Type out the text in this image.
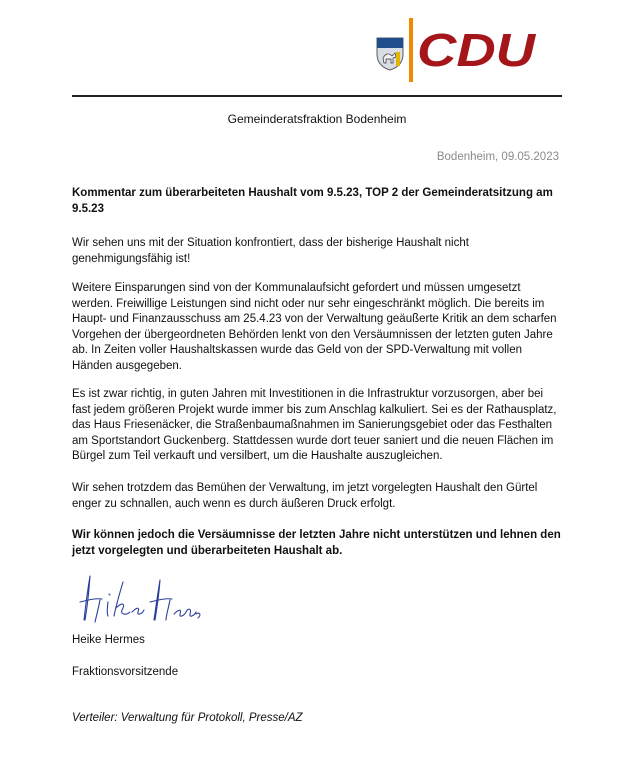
CDU
Gemeinderatsfraktion Bodenheim
Bodenheim, 09.05.2023

Kommentar zum überarbeiteten Haushalt vom 9.5.23, TOP 2 der Gemeinderatsitzung am 9.5.23

Wir sehen uns mit der Situation konfrontiert, dass der bisherige Haushalt nicht genehmigungsfähig ist!

Weitere Einsparungen sind von der Kommunalaufsicht gefordert und müssen umgesetzt werden. Freiwillige Leistungen sind nicht oder nur sehr eingeschränkt möglich. Die bereits im Haupt- und Finanzausschuss am 25.4.23 von der Verwaltung geäußerte Kritik an dem scharfen Vorgehen der übergeordneten Behörden lenkt von den Versäumnissen der letzten guten Jahre ab. In Zeiten voller Haushaltskassen wurde das Geld von der SPD-Verwaltung mit vollen Händen ausgegeben.

Es ist zwar richtig, in guten Jahren mit Investitionen in die Infrastruktur vorzusorgen, aber bei fast jedem größeren Projekt wurde immer bis zum Anschlag kalkuliert. Sei es der Rathausplatz, das Haus Friesenäcker, die Straßenbaumaßnahmen im Sanierungsgebiet oder das Festhalten am Sportstandort Guckenberg. Stattdessen wurde dort teuer saniert und die neuen Flächen im Bürgel zum Teil verkauft und versilbert, um die Haushalte auszugleichen.

Wir sehen trotzdem das Bemühen der Verwaltung, im jetzt vorgelegten Haushalt den Gürtel enger zu schnallen, auch wenn es durch äußeren Druck erfolgt.

Wir können jedoch die Versäumnisse der letzten Jahre nicht unterstützen und lehnen den jetzt vorgelegten und überarbeiteten Haushalt ab.

Heike Hermes
Fraktionsvorsitzende
Verteiler: Verwaltung für Protokoll, Presse/AZ
